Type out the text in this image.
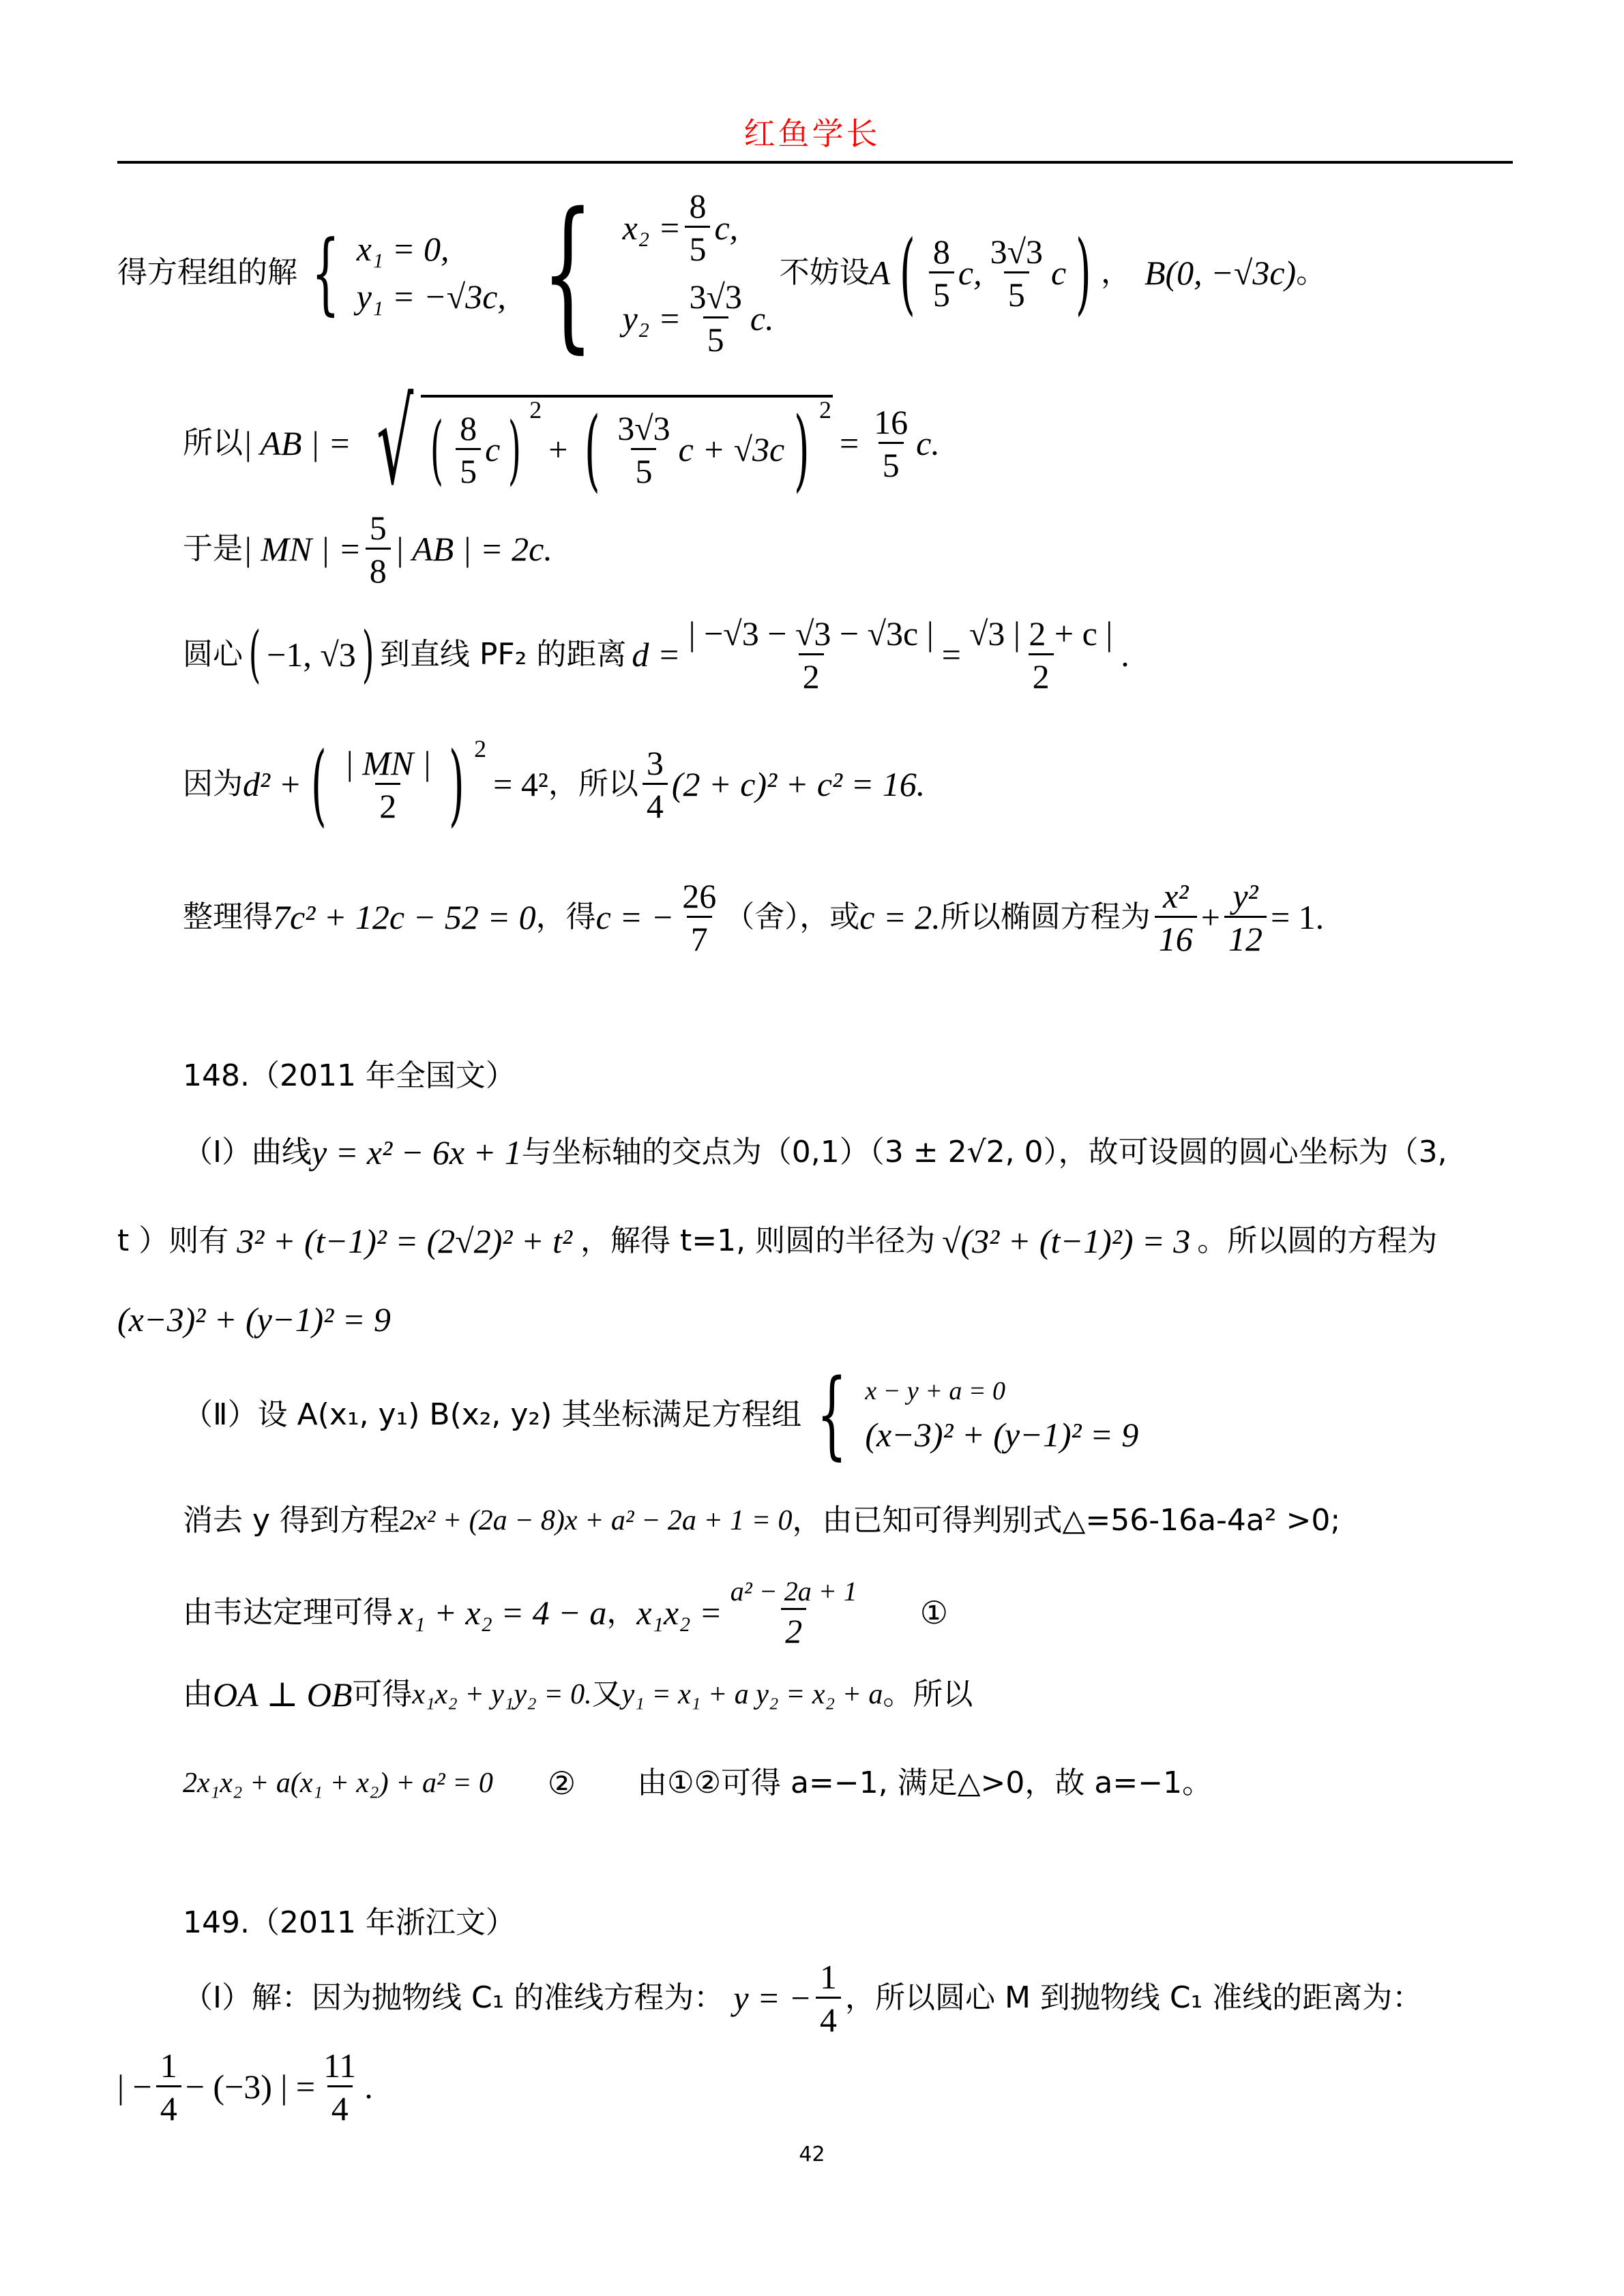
红鱼学长
得方程组的解 { x₁ = 0,
y₁ = −√3c, { $x_2 = \frac{8}{5} c$,
$y_2 = \frac{3√3}{5} c$.
不妨设 A ( $\frac{8}{5} c$, $\frac{3√3}{5}$ c ) ， B(0, −√3c) 。
所以 | AB | = √ ( $\frac{8}{5}$ c ) 2
+ ( $\frac{3√3}{5}$ c + √3c ) 2
= $\frac{16}{5} c$.
于是 | MN | = $\frac{5}{8}$ | AB | = 2c.
圆心 ( −1, √3 ) 到直线 PF₂ 的距离 $d = \frac{| -√3 - √3 - √3c |}{2} = \frac{√3 | 2 + c |}{2}$ .
因为 d² + ( $\frac{| MN |}{2}$ ) 2
= 4² ，所以 $\frac{3}{4} (2 + c)^2 + c^2 = 16$.
整理得 7c² + 12c − 52 = 0 ，得 c = − $\frac{26}{7}$ （舍），或 c = 2. 所以椭圆方程为 $\frac{\text{x²}}{16} + \frac{\text{y²}}{12} = 1$.
148.（2011 年全国文）
（Ⅰ）曲线 y = x² − 6x + 1 与坐标轴的交点为（0,1）（3 ± 2√2, 0），故可设圆的圆心坐标为（3,
t ）则有 3² + (t−1)² = (2√2)² + t² ，解得 t=1, 则圆的半径为 √(3² + (t−1)²) = 3 。所以圆的方程为
(x−3)² + (y−1)² = 9
（Ⅱ）设 A(x₁, y₁) B(x₂, y₂) 其坐标满足方程组 { x − y + a = 0
(x−3)² + (y−1)² = 9
消去 y 得到方程 2x² + (2a − 8)x + a² − 2a + 1 = 0 ，由已知可得判别式△=56-16a-4a² >0;
由韦达定理可得 x₁ + x₂ = 4 − a ， $x_1x_2 = \frac{\text{a² − 2a + 1}}{2}$ ①
由 OA ⊥ OB 可得 x₁x₂ + y₁y₂ = 0. 又 y₁ = x₁ + a y₂ = x₂ + a 。所以
2x₁x₂ + a(x₁ + x₂) + a² = 0 ② 由①②可得 a=−1, 满足△>0，故 a=−1。
149.（2011 年浙江文）
（Ⅰ）解：因为抛物线 C₁ 的准线方程为： y = − $\frac{1}{4}$ ，所以圆心 M 到抛物线 C₁ 准线的距离为：
| − $\frac{1}{4} - (-3)$ | = $\frac{11}{4}$ .
42
